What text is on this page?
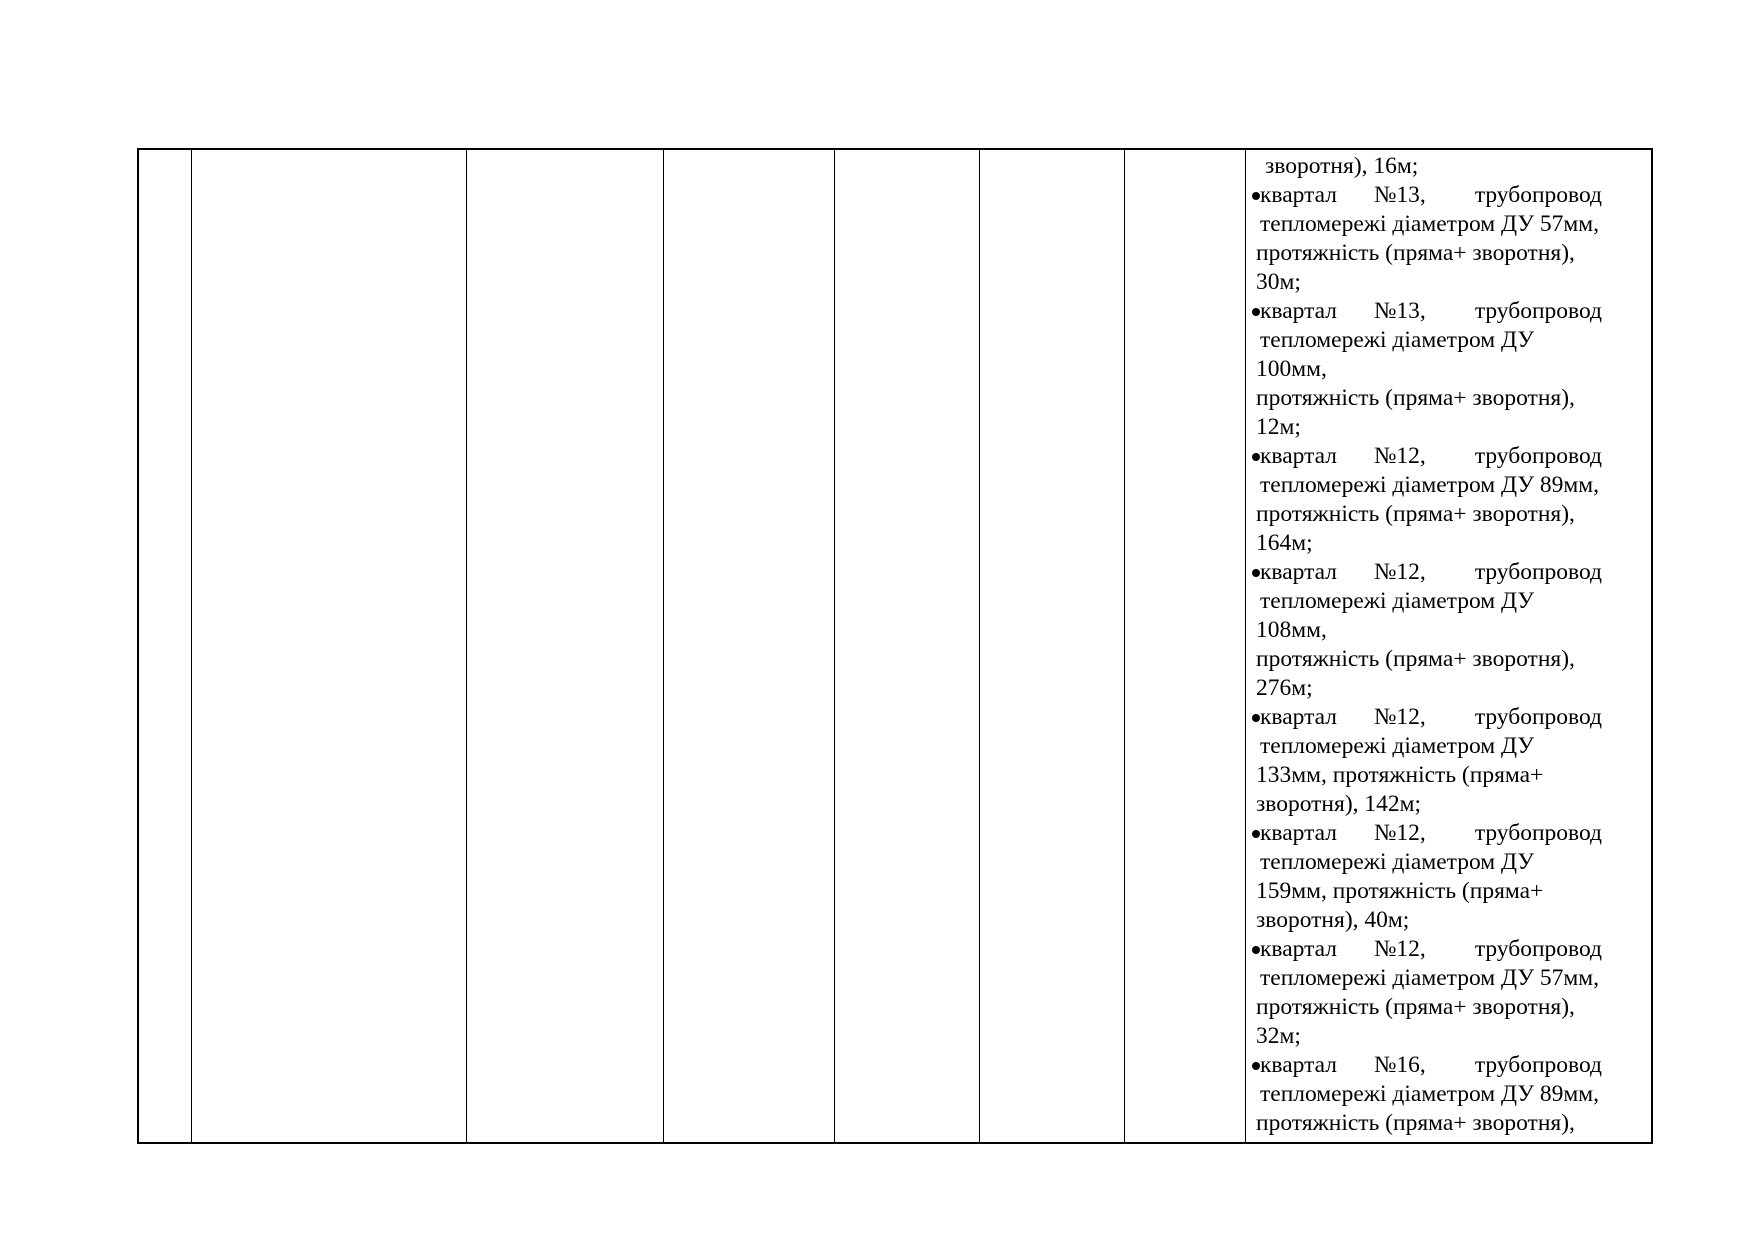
зворотня), 16м;
квартал №13, трубопровод
тепломережі діаметром ДУ 57мм,
протяжність (пряма+ зворотня),
30м;
квартал №13, трубопровод
тепломережі діаметром ДУ
100мм,
протяжність (пряма+ зворотня),
12м;
квартал №12, трубопровод
тепломережі діаметром ДУ 89мм,
протяжність (пряма+ зворотня),
164м;
квартал №12, трубопровод
тепломережі діаметром ДУ
108мм,
протяжність (пряма+ зворотня),
276м;
квартал №12, трубопровод
тепломережі діаметром ДУ
133мм, протяжність (пряма+
зворотня), 142м;
квартал №12, трубопровод
тепломережі діаметром ДУ
159мм, протяжність (пряма+
зворотня), 40м;
квартал №12, трубопровод
тепломережі діаметром ДУ 57мм,
протяжність (пряма+ зворотня),
32м;
квартал №16, трубопровод
тепломережі діаметром ДУ 89мм,
протяжність (пряма+ зворотня),
